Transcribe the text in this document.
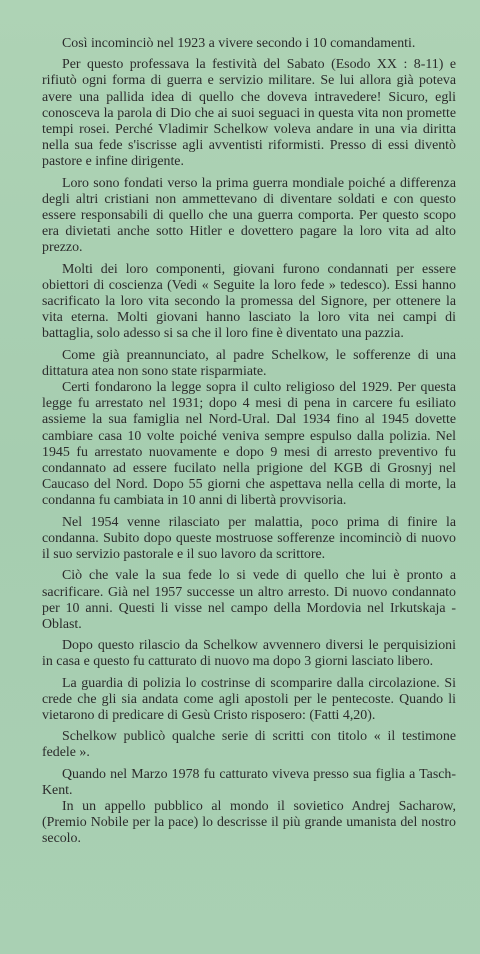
Così incominciò nel 1923 a vivere secondo i 10 comandamenti.

Per questo professava la festività del Sabato (Esodo XX : 8-11) e rifiutò ogni forma di guerra e servizio militare. Se lui allora già poteva avere una pallida idea di quello che doveva intravedere! Sicuro, egli conosceva la parola di Dio che ai suoi seguaci in questa vita non promette tempi rosei. Perché Vladimir Schelkow voleva andare in una via diritta nella sua fede s'iscrisse agli avventisti riformisti. Presso di essi diventò pastore e infine dirigente.

Loro sono fondati verso la prima guerra mondiale poiché a differenza degli altri cristiani non ammettevano di diventare soldati e con questo essere responsabili di quello che una guerra comporta. Per questo scopo era divietati anche sotto Hitler e dovettero pagare la loro vita ad alto prezzo.

Molti dei loro componenti, giovani furono condannati per essere obiettori di coscienza (Vedi « Seguite la loro fede » tedesco). Essi hanno sacrificato la loro vita secondo la promessa del Signore, per ottenere la vita eterna. Molti giovani hanno lasciato la loro vita nei campi di battaglia, solo adesso si sa che il loro fine è diventato una pazzia.

Come già preannunciato, al padre Schelkow, le sofferenze di una dittatura atea non sono state risparmiate.

Certi fondarono la legge sopra il culto religioso del 1929. Per questa legge fu arrestato nel 1931; dopo 4 mesi di pena in carcere fu esiliato assieme la sua famiglia nel Nord-Ural. Dal 1934 fino al 1945 dovette cambiare casa 10 volte poiché veniva sempre espulso dalla polizia. Nel 1945 fu arrestato nuovamente e dopo 9 mesi di arresto preventivo fu condannato ad essere fucilato nella prigione del KGB di Grosnyj nel Caucaso del Nord. Dopo 55 giorni che aspettava nella cella di morte, la condanna fu cambiata in 10 anni di libertà provvisoria.

Nel 1954 venne rilasciato per malattia, poco prima di finire la condanna. Subito dopo queste mostruose sofferenze incominciò di nuovo il suo servizio pastorale e il suo lavoro da scrittore.

Ciò che vale la sua fede lo si vede di quello che lui è pronto a sacrificare. Già nel 1957 successe un altro arresto. Di nuovo condannato per 10 anni. Questi li visse nel campo della Mordovia nel Irkutskaja - Oblast.

Dopo questo rilascio da Schelkow avvennero diversi le perquisizioni in casa e questo fu catturato di nuovo ma dopo 3 giorni lasciato libero.

La guardia di polizia lo costrinse di scomparire dalla circolazione. Si crede che gli sia andata come agli apostoli per le pentecoste. Quando li vietarono di predicare di Gesù Cristo risposero: (Fatti 4,20).

Schelkow publicò qualche serie di scritti con titolo « il testimone fedele ».

Quando nel Marzo 1978 fu catturato viveva presso sua figlia a Tasch-Kent.

In un appello pubblico al mondo il sovietico Andrej Sacharow, (Premio Nobile per la pace) lo descrisse il più grande umanista del nostro secolo.
